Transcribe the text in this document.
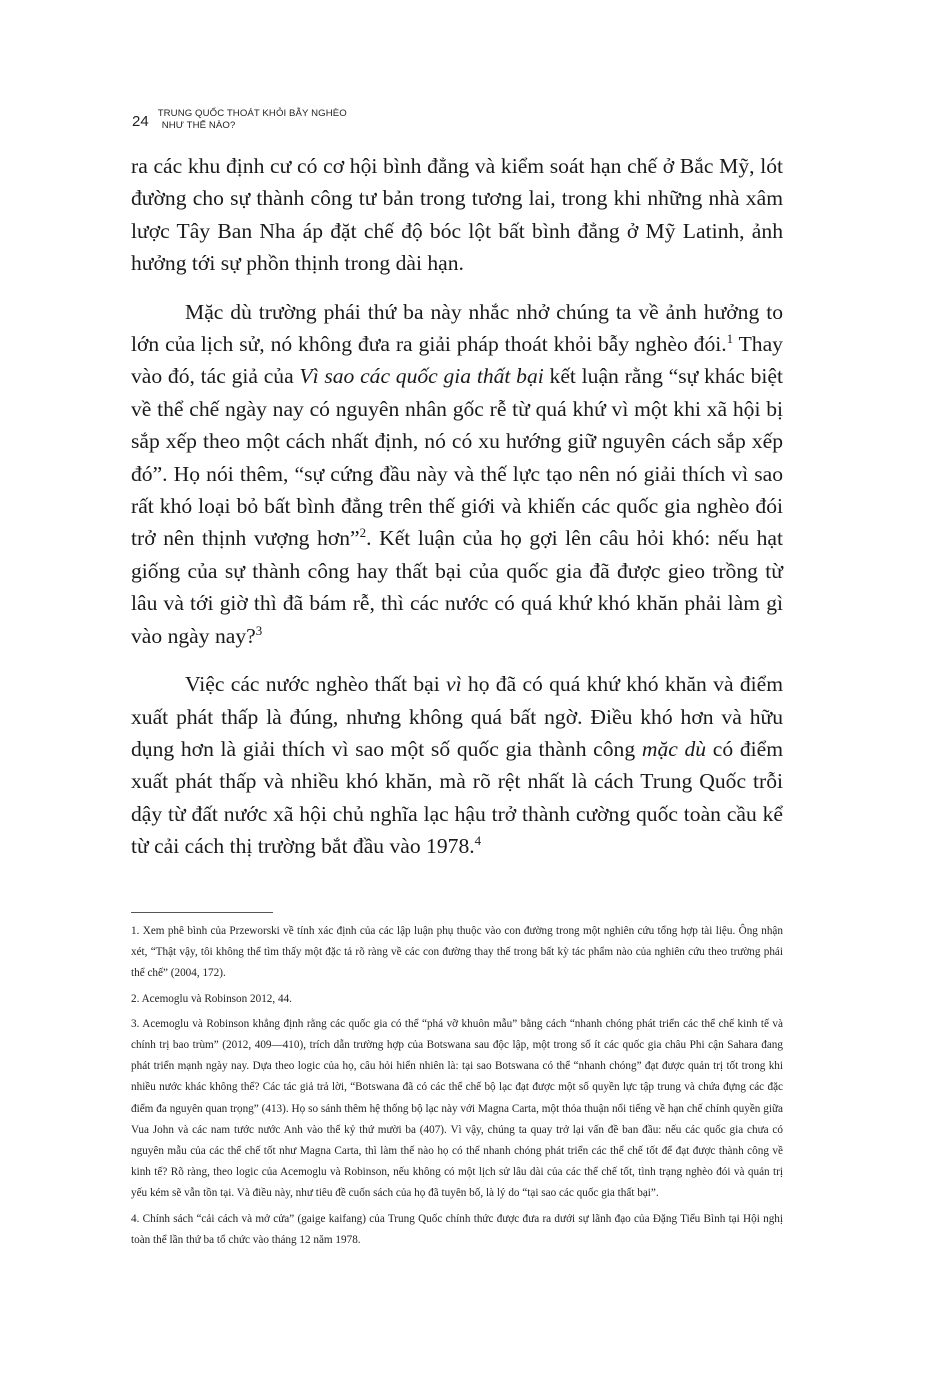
24 TRUNG QUỐC THOÁT KHỎI BẪY NGHÈO
NHƯ THẾ NÀO?

ra các khu định cư có cơ hội bình đẳng và kiểm soát hạn chế ở Bắc Mỹ, lót đường cho sự thành công tư bản trong tương lai, trong khi những nhà xâm lược Tây Ban Nha áp đặt chế độ bóc lột bất bình đẳng ở Mỹ Latinh, ảnh hưởng tới sự phồn thịnh trong dài hạn.

Mặc dù trường phái thứ ba này nhắc nhở chúng ta về ảnh hưởng to lớn của lịch sử, nó không đưa ra giải pháp thoát khỏi bẫy nghèo đói.$^1$ Thay vào đó, tác giả của Vì sao các quốc gia thất bại kết luận rằng “sự khác biệt về thể chế ngày nay có nguyên nhân gốc rễ từ quá khứ vì một khi xã hội bị sắp xếp theo một cách nhất định, nó có xu hướng giữ nguyên cách sắp xếp đó”. Họ nói thêm, “sự cứng đầu này và thế lực tạo nên nó giải thích vì sao rất khó loại bỏ bất bình đẳng trên thế giới và khiến các quốc gia nghèo đói trở nên thịnh vượng hơn”$^2$. Kết luận của họ gợi lên câu hỏi khó: nếu hạt giống của sự thành công hay thất bại của quốc gia đã được gieo trồng từ lâu và tới giờ thì đã bám rễ, thì các nước có quá khứ khó khăn phải làm gì vào ngày nay?$^3$

Việc các nước nghèo thất bại vì họ đã có quá khứ khó khăn và điểm xuất phát thấp là đúng, nhưng không quá bất ngờ. Điều khó hơn và hữu dụng hơn là giải thích vì sao một số quốc gia thành công mặc dù có điểm xuất phát thấp và nhiều khó khăn, mà rõ rệt nhất là cách Trung Quốc trỗi dậy từ đất nước xã hội chủ nghĩa lạc hậu trở thành cường quốc toàn cầu kể từ cải cách thị trường bắt đầu vào 1978.$^4$

1. Xem phê bình của Przeworski về tính xác định của các lập luận phụ thuộc vào con đường trong một nghiên cứu tổng hợp tài liệu. Ông nhận xét, “Thật vậy, tôi không thể tìm thấy một đặc tả rõ ràng về các con đường thay thế trong bất kỳ tác phẩm nào của nghiên cứu theo trường phái thể chế” (2004, 172).

2. Acemoglu và Robinson 2012, 44.

3. Acemoglu và Robinson khẳng định rằng các quốc gia có thể “phá vỡ khuôn mẫu” bằng cách “nhanh chóng phát triển các thể chế kinh tế và chính trị bao trùm” (2012, 409—410), trích dẫn trường hợp của Botswana sau độc lập, một trong số ít các quốc gia châu Phi cận Sahara đang phát triển mạnh ngày nay. Dựa theo logic của họ, câu hỏi hiển nhiên là: tại sao Botswana có thể “nhanh chóng” đạt được quản trị tốt trong khi nhiều nước khác không thể? Các tác giả trả lời, “Botswana đã có các thể chế bộ lạc đạt được một số quyền lực tập trung và chứa đựng các đặc điểm đa nguyên quan trọng” (413). Họ so sánh thêm hệ thống bộ lạc này với Magna Carta, một thỏa thuận nổi tiếng về hạn chế chính quyền giữa Vua John và các nam tước nước Anh vào thế kỷ thứ mười ba (407). Vì vậy, chúng ta quay trở lại vấn đề ban đầu: nếu các quốc gia chưa có nguyên mẫu của các thể chế tốt như Magna Carta, thì làm thế nào họ có thể nhanh chóng phát triển các thể chế tốt để đạt được thành công về kinh tế? Rõ ràng, theo logic của Acemoglu và Robinson, nếu không có một lịch sử lâu dài của các thể chế tốt, tình trạng nghèo đói và quản trị yếu kém sẽ vẫn tồn tại. Và điều này, như tiêu đề cuốn sách của họ đã tuyên bố, là lý do “tại sao các quốc gia thất bại”.

4. Chính sách “cải cách và mở cửa” (gaige kaifang) của Trung Quốc chính thức được đưa ra dưới sự lãnh đạo của Đặng Tiểu Bình tại Hội nghị toàn thể lần thứ ba tổ chức vào tháng 12 năm 1978.
